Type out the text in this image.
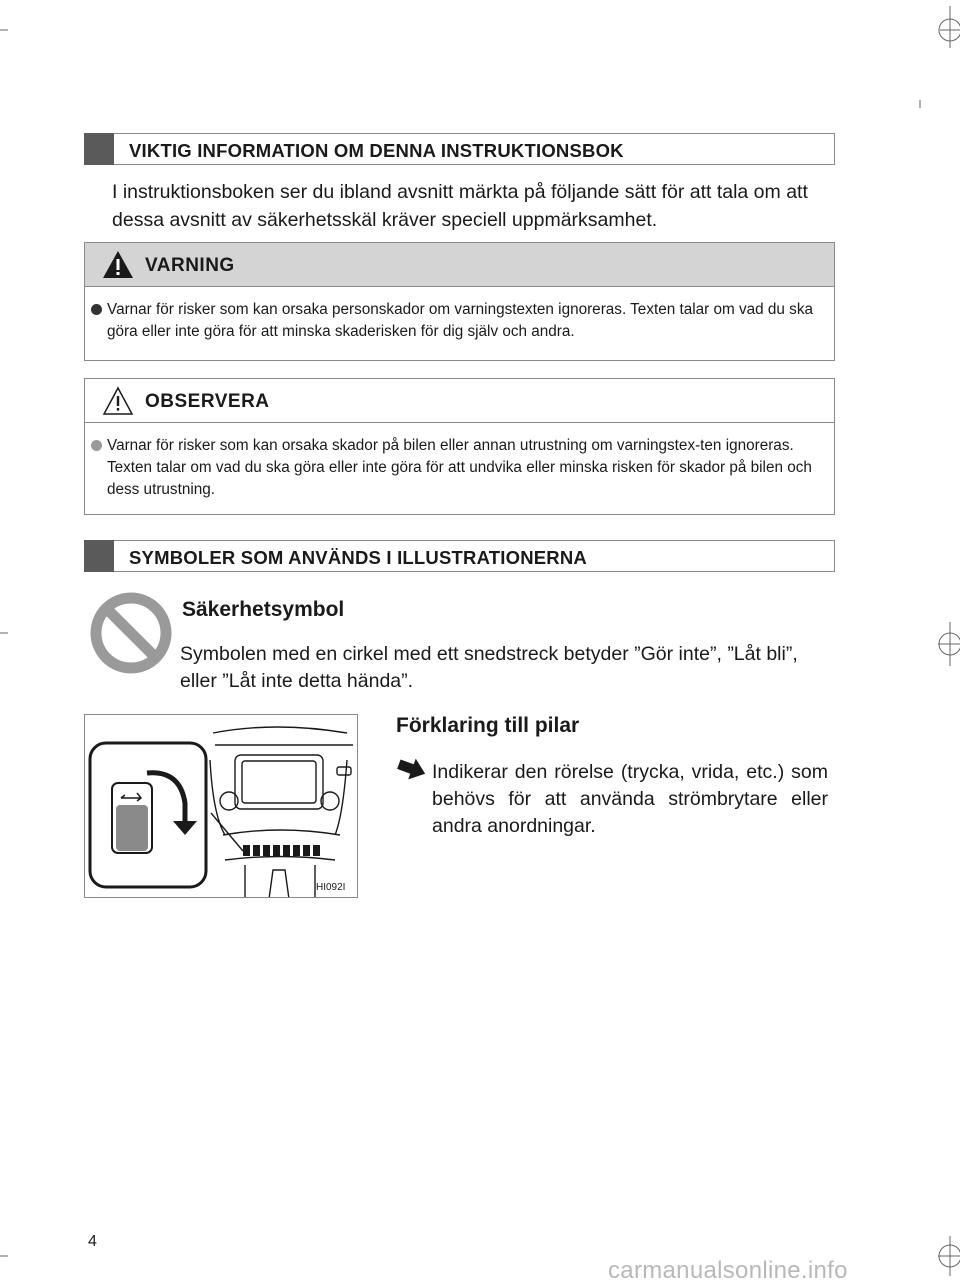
VIKTIG INFORMATION OM DENNA INSTRUKTIONSBOK
I instruktionsboken ser du ibland avsnitt märkta på följande sätt för att tala om att dessa avsnitt av säkerhetsskäl kräver speciell uppmärksamhet.
VARNING
Varnar för risker som kan orsaka personskador om varningstexten ignoreras. Texten talar om vad du ska göra eller inte göra för att minska skaderisken för dig själv och andra.
OBSERVERA
Varnar för risker som kan orsaka skador på bilen eller annan utrustning om varningstex-ten ignoreras. Texten talar om vad du ska göra eller inte göra för att undvika eller minska risken för skador på bilen och dess utrustning.
SYMBOLER SOM ANVÄNDS I ILLUSTRATIONERNA
Säkerhetsymbol
Symbolen med en cirkel med ett snedstreck betyder ”Gör inte”, ”Låt bli”, eller ”Låt inte detta hända”.
HI092I
Förklaring till pilar
Indikerar den rörelse (trycka, vrida, etc.) som behövs för att använda strömbrytare eller andra anordningar.
4
carmanualsonline.info
